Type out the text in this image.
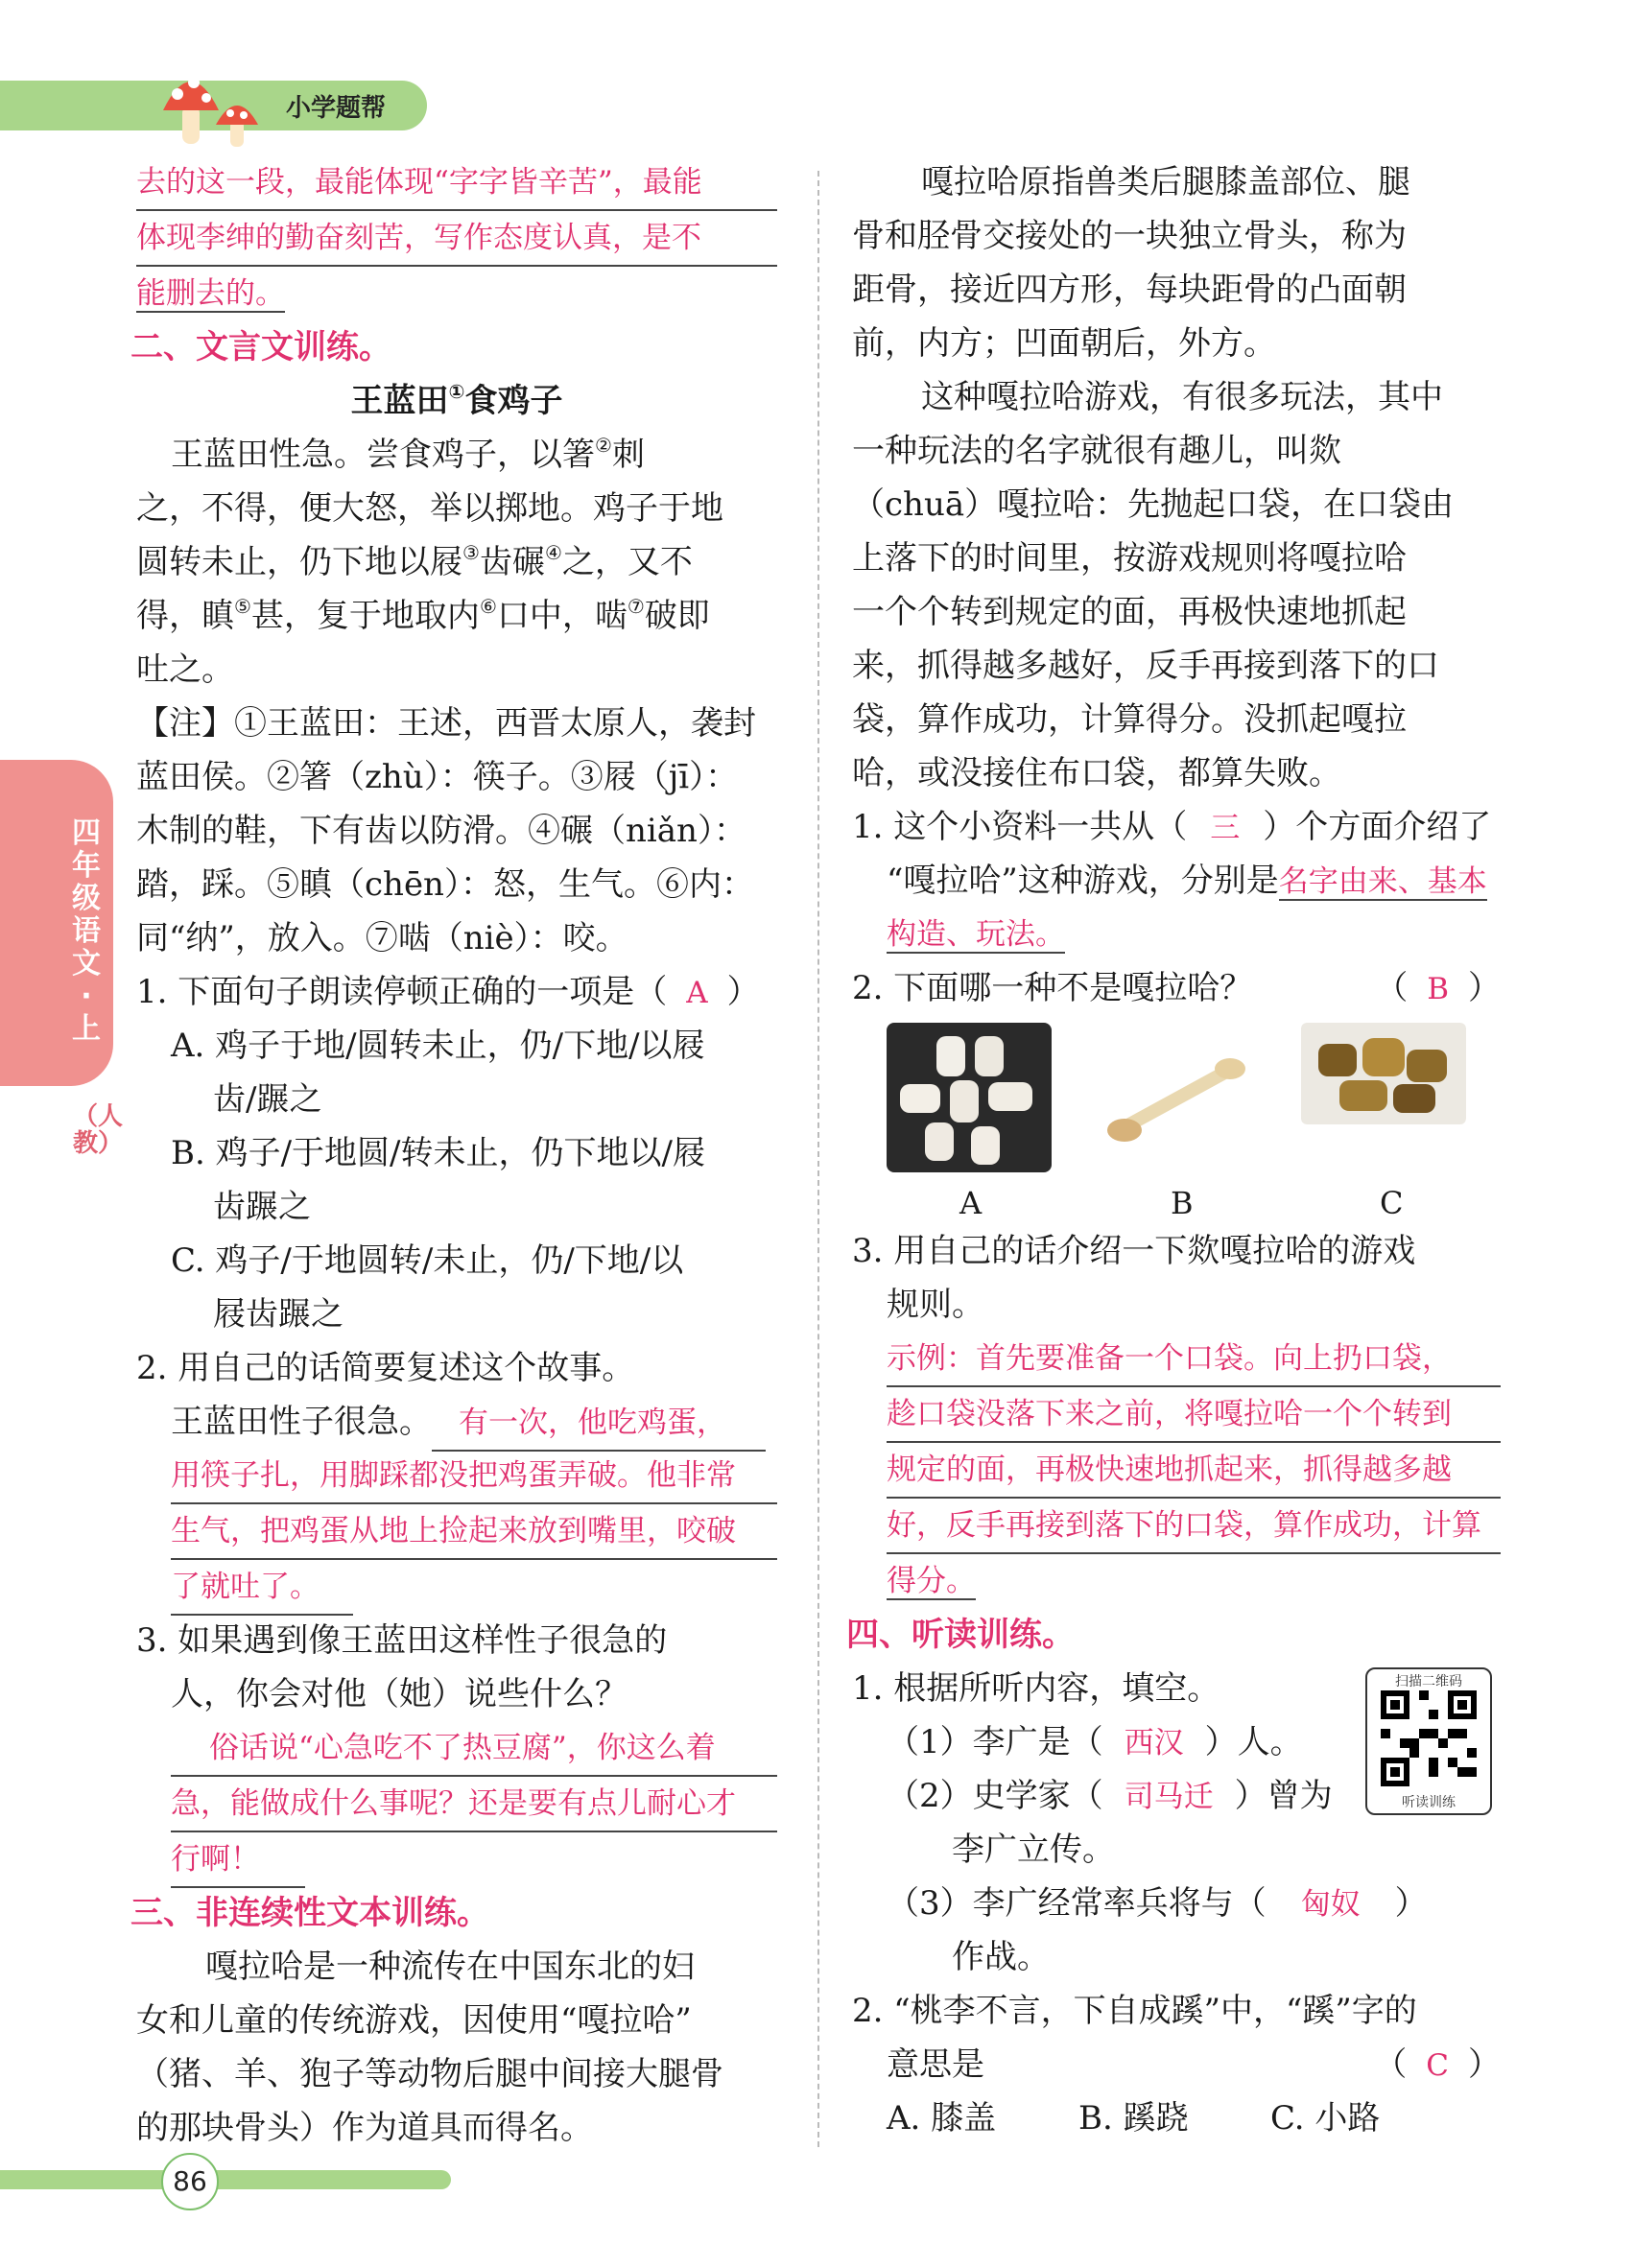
小学题帮
四年级语文·上
（人教）
去的这一段，最能体现“字字皆辛苦”，最能
体现李绅的勤奋刻苦，写作态度认真，是不
能删去的。
二、文言文训练。
王蓝田①食鸡子
王蓝田性急。尝食鸡子，以箸②刺
之，不得，便大怒，举以掷地。鸡子于地
圆转未止，仍下地以屐③齿碾④之，又不
得，瞋⑤甚，复于地取内⑥口中，啮⑦破即
吐之。
【注】①王蓝田：王述，西晋太原人，袭封
蓝田侯。②箸（zhù）：筷子。③屐（jī）：
木制的鞋，下有齿以防滑。④碾（niǎn）：
踏，踩。⑤瞋（chēn）：怒，生气。⑥内：
同“纳”，放入。⑦啮（niè）：咬。
1. 下面句子朗读停顿正确的一项是（ A ）
A. 鸡子于地/圆转未止，仍/下地/以屐
齿/蹍之
B. 鸡子/于地圆/转未止，仍下地以/屐
齿蹍之
C. 鸡子/于地圆转/未止，仍/下地/以
屐齿蹍之
2. 用自己的话简要复述这个故事。
王蓝田性子很急。 有一次，他吃鸡蛋，
用筷子扎，用脚踩都没把鸡蛋弄破。他非常
生气，把鸡蛋从地上捡起来放到嘴里，咬破
了就吐了。
3. 如果遇到像王蓝田这样性子很急的
人，你会对他（她）说些什么？
俗话说“心急吃不了热豆腐”，你这么着
急，能做成什么事呢？还是要有点儿耐心才
行啊！
三、非连续性文本训练。
嘎拉哈是一种流传在中国东北的妇
女和儿童的传统游戏，因使用“嘎拉哈”
（猪、羊、狍子等动物后腿中间接大腿骨
的那块骨头）作为道具而得名。
嘎拉哈原指兽类后腿膝盖部位、腿
骨和胫骨交接处的一块独立骨头，称为
距骨，接近四方形，每块距骨的凸面朝
前，内方；凹面朝后，外方。
这种嘎拉哈游戏，有很多玩法，其中
一种玩法的名字就很有趣儿，叫欻
（chuā）嘎拉哈：先抛起口袋，在口袋由
上落下的时间里，按游戏规则将嘎拉哈
一个个转到规定的面，再极快速地抓起
来，抓得越多越好，反手再接到落下的口
袋，算作成功，计算得分。没抓起嘎拉
哈，或没接住布口袋，都算失败。
1. 这个小资料一共从（ 三 ）个方面介绍了
“嘎拉哈”这种游戏，分别是名字由来、基本
构造、玩法。
2. 下面哪一种不是嘎拉哈？	（ B ）
A	B	C
3. 用自己的话介绍一下欻嘎拉哈的游戏
规则。
示例：首先要准备一个口袋。向上扔口袋，
趁口袋没落下来之前，将嘎拉哈一个个转到
规定的面，再极快速地抓起来，抓得越多越
好，反手再接到落下的口袋，算作成功，计算
得分。
四、听读训练。
1. 根据所听内容，填空。
（1）李广是（ 西汉 ）人。
（2）史学家（ 司马迁 ）曾为
李广立传。
（3）李广经常率兵将与（ 匈奴 ）
作战。
2. “桃李不言，下自成蹊”中，“蹊”字的
意思是	（ C ）
A. 膝盖	B. 蹊跷	C. 小路
扫描二维码
听读训练
86
